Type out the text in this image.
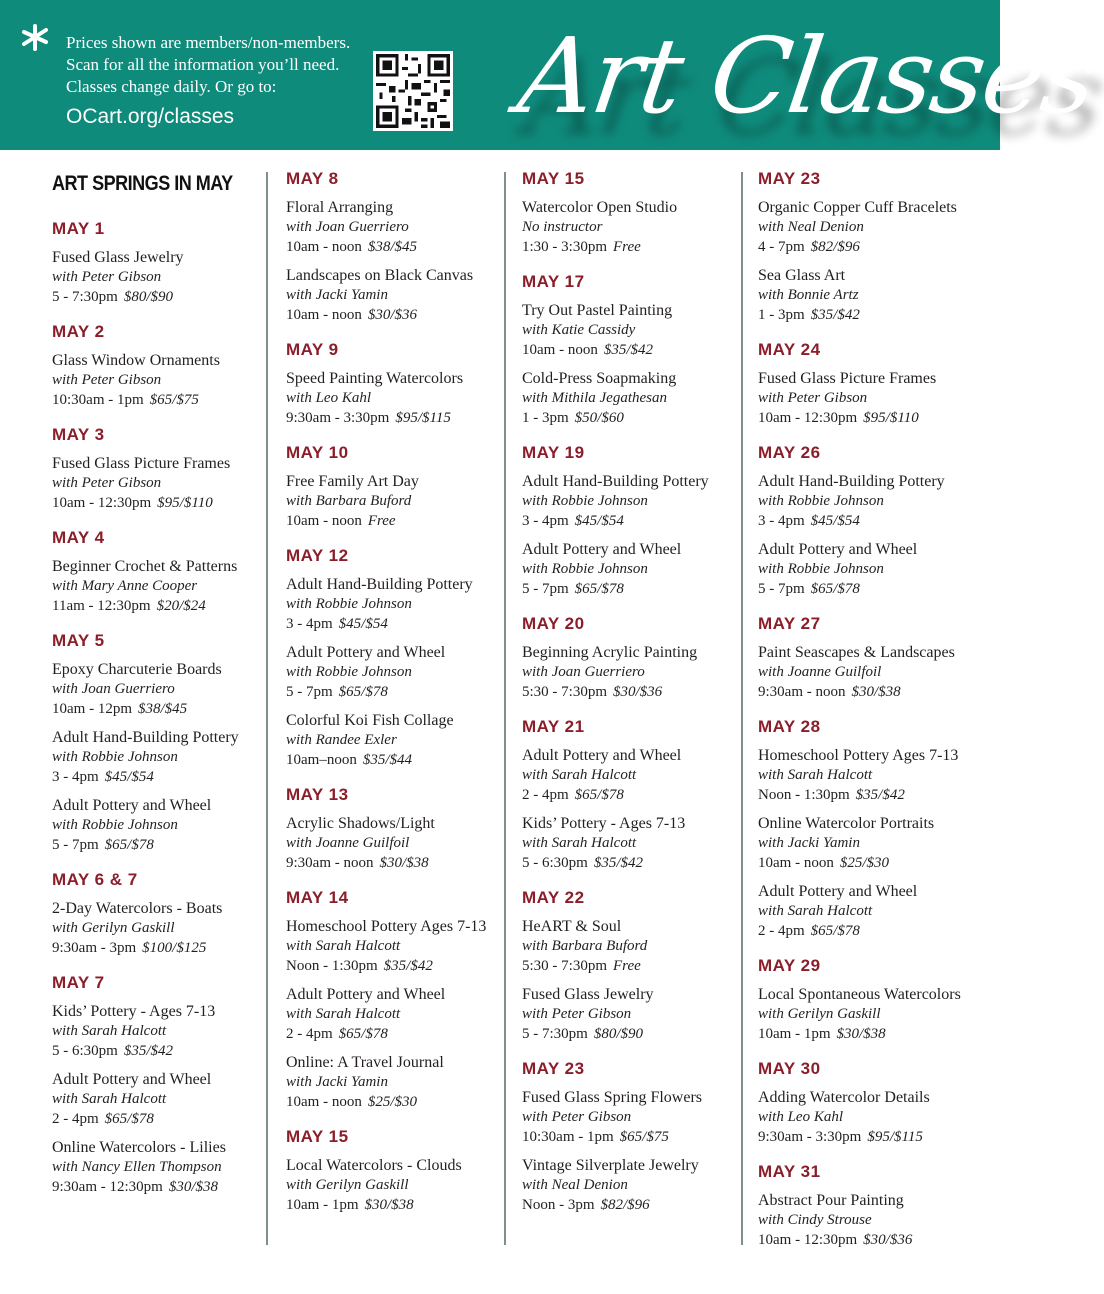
Prices shown are members/non-members.
Scan for all the information you’ll need.
Classes change daily. Or go to:
OCart.org/classes	Art Classes
ART SPRINGS IN MAY
MAY 1
Fused Glass Jewelry
with Peter Gibson
5 - 7:30pm $80/$90
MAY 2
Glass Window Ornaments
with Peter Gibson
10:30am - 1pm $65/$75
MAY 3
Fused Glass Picture Frames
with Peter Gibson
10am - 12:30pm $95/$110
MAY 4
Beginner Crochet & Patterns
with Mary Anne Cooper
11am - 12:30pm $20/$24
MAY 5
Epoxy Charcuterie Boards
with Joan Guerriero
10am - 12pm $38/$45
Adult Hand-Building Pottery
with Robbie Johnson
3 - 4pm $45/$54
Adult Pottery and Wheel
with Robbie Johnson
5 - 7pm $65/$78
MAY 6 & 7
2-Day Watercolors - Boats
with Gerilyn Gaskill
9:30am - 3pm $100/$125
MAY 7
Kids’ Pottery - Ages 7-13
with Sarah Halcott
5 - 6:30pm $35/$42
Adult Pottery and Wheel
with Sarah Halcott
2 - 4pm $65/$78
Online Watercolors - Lilies
with Nancy Ellen Thompson
9:30am - 12:30pm $30/$38
MAY 8
Floral Arranging
with Joan Guerriero
10am - noon $38/$45
Landscapes on Black Canvas
with Jacki Yamin
10am - noon $30/$36
MAY 9
Speed Painting Watercolors
with Leo Kahl
9:30am - 3:30pm $95/$115
MAY 10
Free Family Art Day
with Barbara Buford
10am - noon Free
MAY 12
Adult Hand-Building Pottery
with Robbie Johnson
3 - 4pm $45/$54
Adult Pottery and Wheel
with Robbie Johnson
5 - 7pm $65/$78
Colorful Koi Fish Collage
with Randee Exler
10am–noon $35/$44
MAY 13
Acrylic Shadows/Light
with Joanne Guilfoil
9:30am - noon $30/$38
MAY 14
Homeschool Pottery Ages 7-13
with Sarah Halcott
Noon - 1:30pm $35/$42
Adult Pottery and Wheel
with Sarah Halcott
2 - 4pm $65/$78
Online: A Travel Journal
with Jacki Yamin
10am - noon $25/$30
MAY 15
Local Watercolors - Clouds
with Gerilyn Gaskill
10am - 1pm $30/$38
MAY 15
Watercolor Open Studio
No instructor
1:30 - 3:30pm Free
MAY 17
Try Out Pastel Painting
with Katie Cassidy
10am - noon $35/$42
Cold-Press Soapmaking
with Mithila Jegathesan
1 - 3pm $50/$60
MAY 19
Adult Hand-Building Pottery
with Robbie Johnson
3 - 4pm $45/$54
Adult Pottery and Wheel
with Robbie Johnson
5 - 7pm $65/$78
MAY 20
Beginning Acrylic Painting
with Joan Guerriero
5:30 - 7:30pm $30/$36
MAY 21
Adult Pottery and Wheel
with Sarah Halcott
2 - 4pm $65/$78
Kids’ Pottery - Ages 7-13
with Sarah Halcott
5 - 6:30pm $35/$42
MAY 22
HeART & Soul
with Barbara Buford
5:30 - 7:30pm Free
Fused Glass Jewelry
with Peter Gibson
5 - 7:30pm $80/$90
MAY 23
Fused Glass Spring Flowers
with Peter Gibson
10:30am - 1pm $65/$75
Vintage Silverplate Jewelry
with Neal Denion
Noon - 3pm $82/$96
MAY 23
Organic Copper Cuff Bracelets
with Neal Denion
4 - 7pm $82/$96
Sea Glass Art
with Bonnie Artz
1 - 3pm $35/$42
MAY 24
Fused Glass Picture Frames
with Peter Gibson
10am - 12:30pm $95/$110
MAY 26
Adult Hand-Building Pottery
with Robbie Johnson
3 - 4pm $45/$54
Adult Pottery and Wheel
with Robbie Johnson
5 - 7pm $65/$78
MAY 27
Paint Seascapes & Landscapes
with Joanne Guilfoil
9:30am - noon $30/$38
MAY 28
Homeschool Pottery Ages 7-13
with Sarah Halcott
Noon - 1:30pm $35/$42
Online Watercolor Portraits
with Jacki Yamin
10am - noon $25/$30
Adult Pottery and Wheel
with Sarah Halcott
2 - 4pm $65/$78
MAY 29
Local Spontaneous Watercolors
with Gerilyn Gaskill
10am - 1pm $30/$38
MAY 30
Adding Watercolor Details
with Leo Kahl
9:30am - 3:30pm $95/$115
MAY 31
Abstract Pour Painting
with Cindy Strouse
10am - 12:30pm $30/$36
